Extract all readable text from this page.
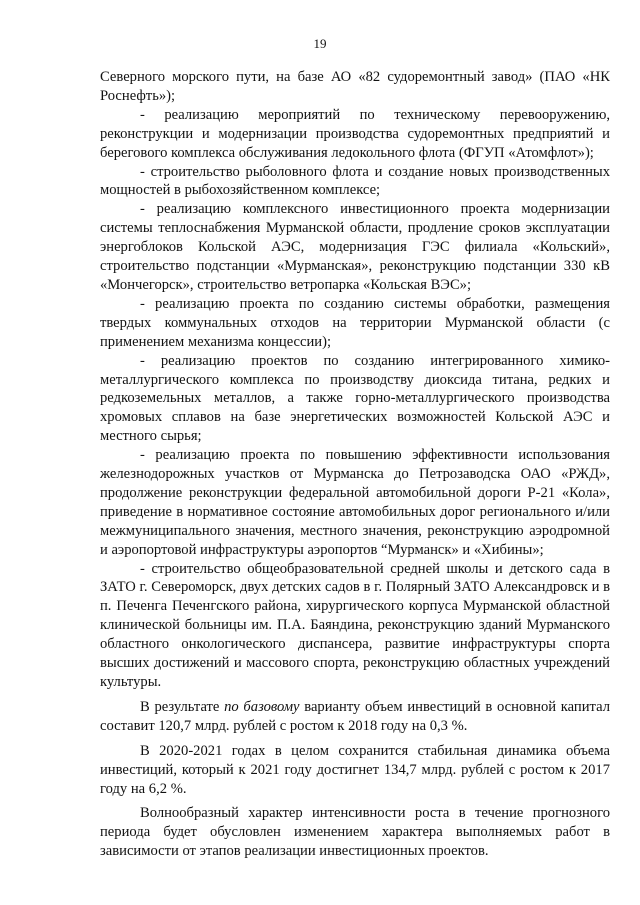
19

Северного морского пути, на базе АО «82 судоремонтный завод» (ПАО «НК Роснефть»);

- реализацию мероприятий по техническому перевооружению, реконструкции и модернизации производства судоремонтных предприятий и берегового комплекса обслуживания ледокольного флота (ФГУП «Атомфлот»);

- строительство рыболовного флота и создание новых производственных мощностей в рыбохозяйственном комплексе;

- реализацию комплексного инвестиционного проекта модернизации системы теплоснабжения Мурманской области, продление сроков эксплуатации энергоблоков Кольской АЭС, модернизация ГЭС филиала «Кольский», строительство подстанции «Мурманская», реконструкцию подстанции 330 кВ «Мончегорск», строительство ветропарка «Кольская ВЭС»;

- реализацию проекта по созданию системы обработки, размещения твердых коммунальных отходов на территории Мурманской области (с применением механизма концессии);

- реализацию проектов по созданию интегрированного химико-металлургического комплекса по производству диоксида титана, редких и редкоземельных металлов, а также горно-металлургического производства хромовых сплавов на базе энергетических возможностей Кольской АЭС и местного сырья;

- реализацию проекта по повышению эффективности использования железнодорожных участков от Мурманска до Петрозаводска ОАО «РЖД», продолжение реконструкции федеральной автомобильной дороги Р-21 «Кола», приведение в нормативное состояние автомобильных дорог регионального и/или межмуниципального значения, местного значения, реконструкцию аэродромной и аэропортовой инфраструктуры аэропортов “Мурманск» и «Хибины»;

- строительство общеобразовательной средней школы и детского сада в ЗАТО г. Североморск, двух детских садов в г. Полярный ЗАТО Александровск и в п. Печенга Печенгского района, хирургического корпуса Мурманской областной клинической больницы им. П.А. Баяндина, реконструкцию зданий Мурманского областного онкологического диспансера, развитие инфраструктуры спорта высших достижений и массового спорта, реконструкцию областных учреждений культуры.

В результате по базовому варианту объем инвестиций в основной капитал составит 120,7 млрд. рублей с ростом к 2018 году на 0,3 %.

В 2020-2021 годах в целом сохранится стабильная динамика объема инвестиций, который к 2021 году достигнет 134,7 млрд. рублей с ростом к 2017 году на 6,2 %.

Волнообразный характер интенсивности роста в течение прогнозного периода будет обусловлен изменением характера выполняемых работ в зависимости от этапов реализации инвестиционных проектов.
